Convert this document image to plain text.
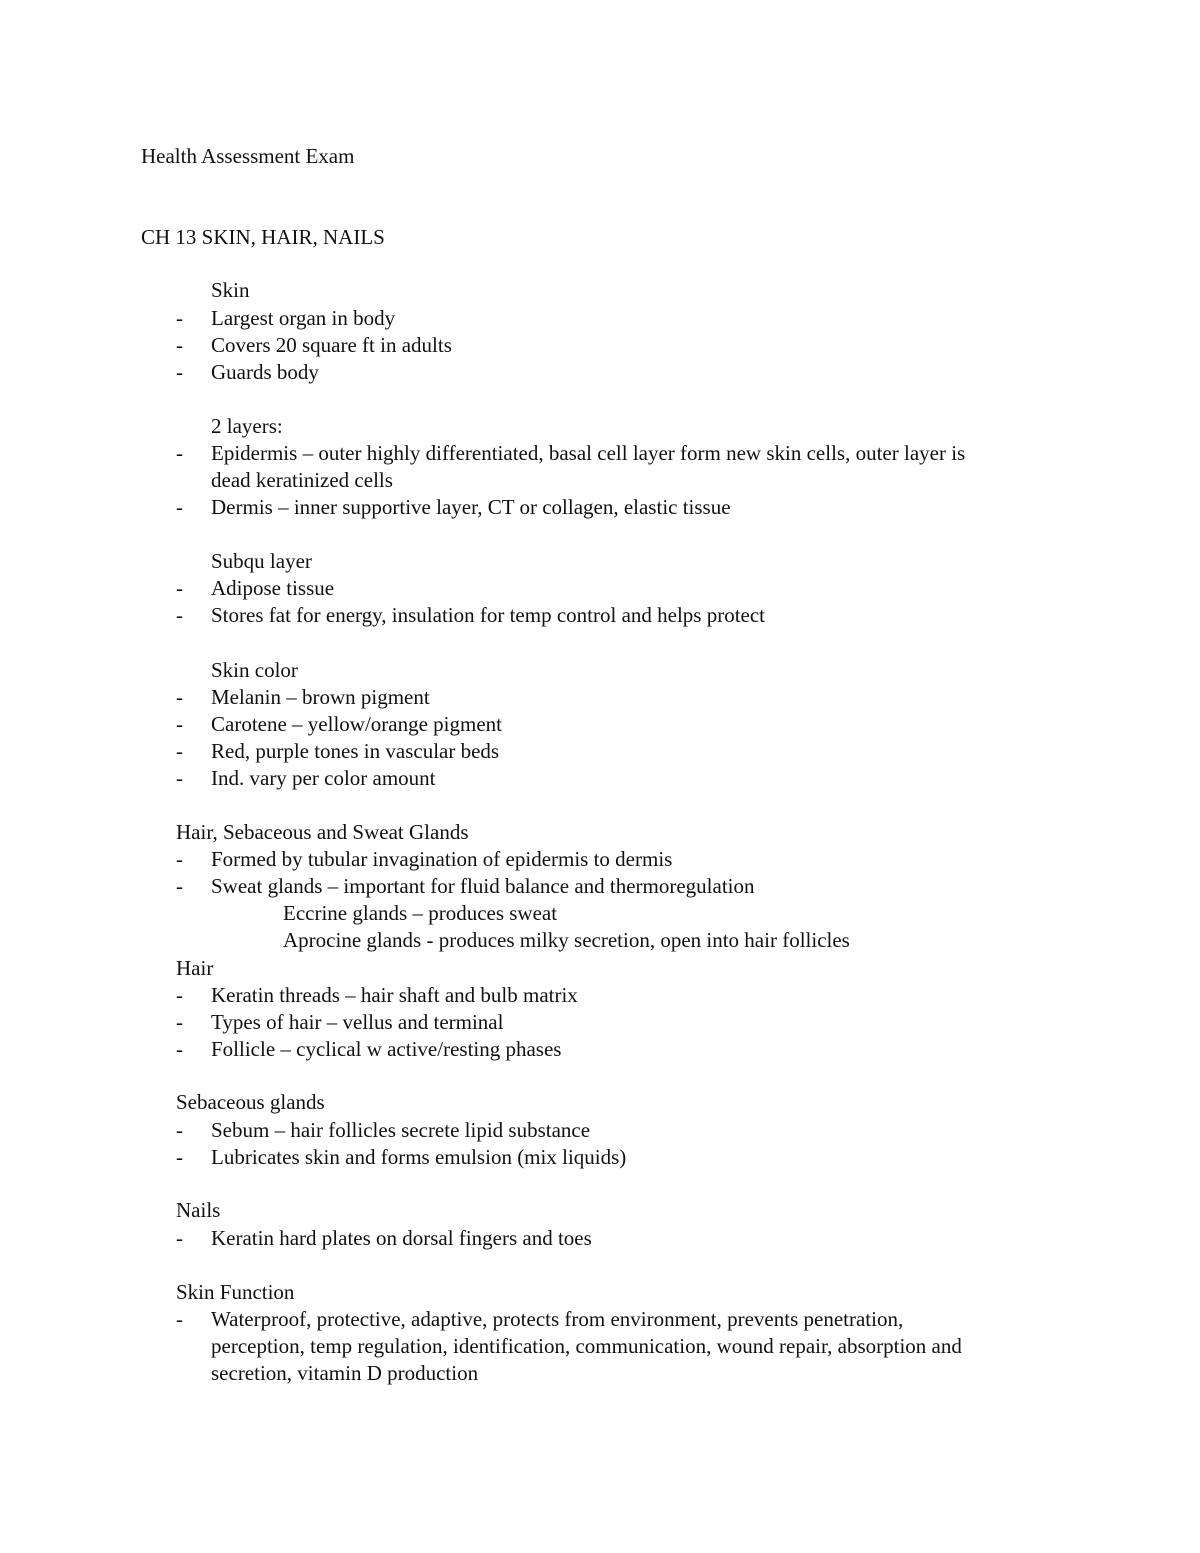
Health Assessment Exam
CH 13 SKIN, HAIR, NAILS
Skin
- Largest organ in body
- Covers 20 square ft in adults
- Guards body
2 layers:
- Epidermis – outer highly differentiated, basal cell layer form new skin cells, outer layer is
dead keratinized cells
- Dermis – inner supportive layer, CT or collagen, elastic tissue
Subqu layer
- Adipose tissue
- Stores fat for energy, insulation for temp control and helps protect
Skin color
- Melanin – brown pigment
- Carotene – yellow/orange pigment
- Red, purple tones in vascular beds
- Ind. vary per color amount
Hair, Sebaceous and Sweat Glands
- Formed by tubular invagination of epidermis to dermis
- Sweat glands – important for fluid balance and thermoregulation
Eccrine glands – produces sweat
Aprocine glands - produces milky secretion, open into hair follicles
Hair
- Keratin threads – hair shaft and bulb matrix
- Types of hair – vellus and terminal
- Follicle – cyclical w active/resting phases
Sebaceous glands
- Sebum – hair follicles secrete lipid substance
- Lubricates skin and forms emulsion (mix liquids)
Nails
- Keratin hard plates on dorsal fingers and toes
Skin Function
- Waterproof, protective, adaptive, protects from environment, prevents penetration,
perception, temp regulation, identification, communication, wound repair, absorption and
secretion, vitamin D production
